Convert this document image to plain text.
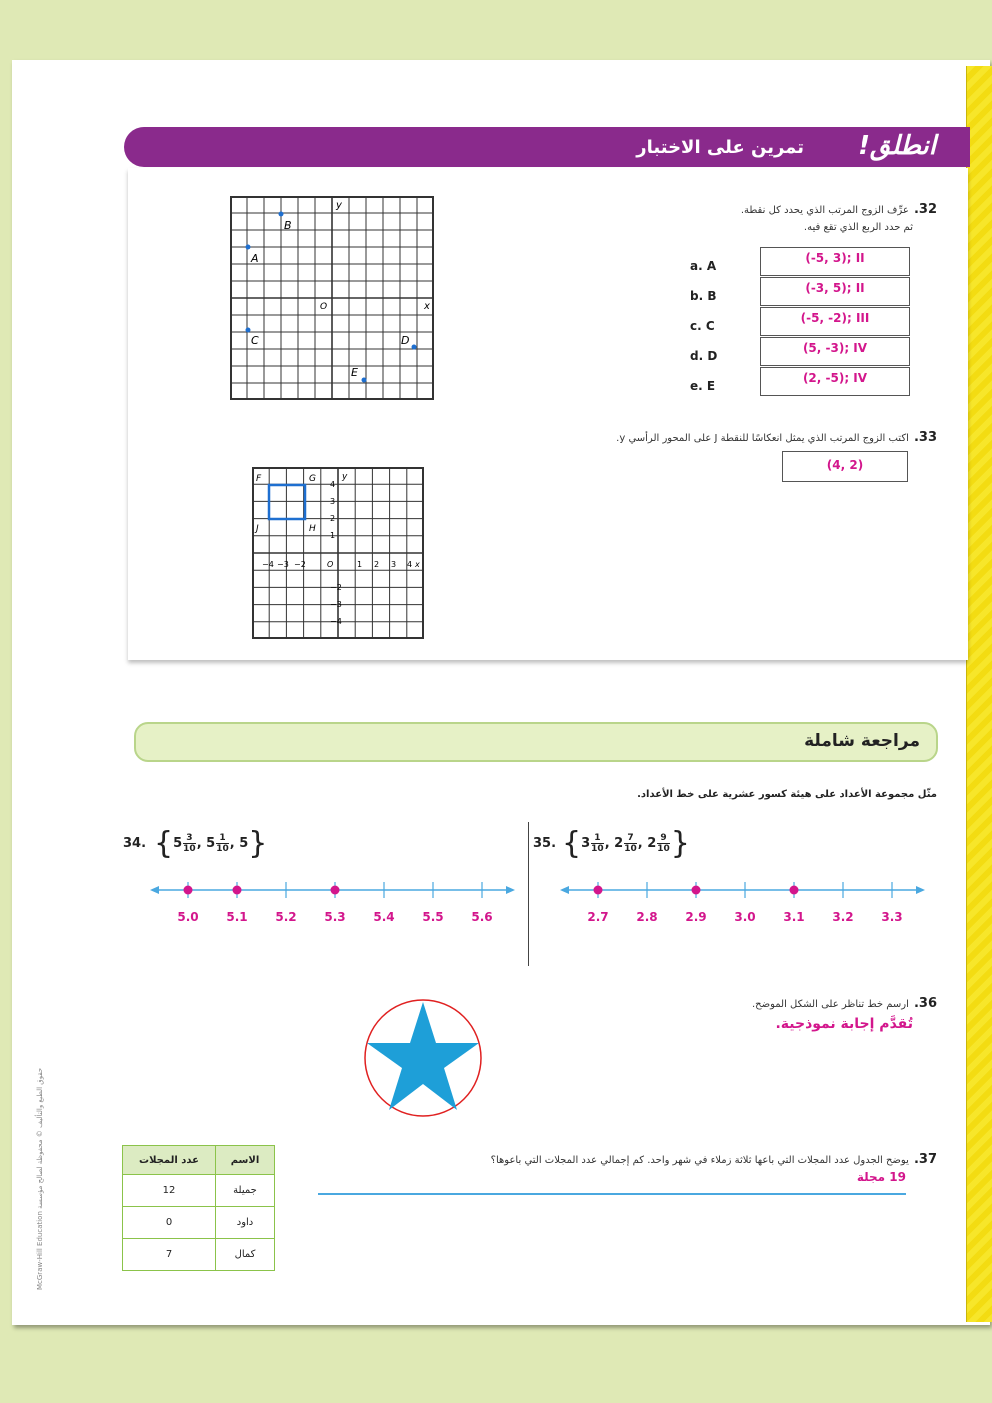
انطلق!
تمرين على الاختبار
32. عرِّف الزوج المرتب الذي يحدد كل نقطة.
ثم حدد الربع الذي تقع فيه.
a. A
(-5, 3); II
b. B
(-3, 5); II
c. C
(-5, -2); III
d. D
(5, -3); IV
e. E
(2, -5); IV
y
x
O
B
A
C	D
E
33. اكتب الزوج المرتب الذي يمثل انعكاسًا للنقطة J على المحور الرأسي y.
(4, 2)
F	G
J	H
y
x
O
−4 −3 −2	1 2 3 4
4
3
2
1
−2
−3
−4
مراجعة شاملة
مثّل مجموعة الأعداد على هيئة كسور عشرية على خط الأعداد.
34. { 5 3
10 , 5 1
10 , 5 }	35. { 3 1
10 , 2 7
10 , 2 9
10 }
5.0 5.1 5.2 5.3 5.4 5.5 5.6	2.7 2.8 2.9 3.0 3.1 3.2 3.3
36. ارسم خط تناظر على الشكل الموضح.
تُقدَّم إجابة نموذجية.
37. يوضح الجدول عدد المجلات التي باعها ثلاثة زملاء في شهر واحد. كم إجمالي عدد المجلات التي باعوها؟
19 مجلة
عدد المجلات	الاسم
12	جميلة
0	داود
7	كمال
McGraw-Hill Education حقوق الطبع والتأليف © محفوظة لصالح مؤسسة
